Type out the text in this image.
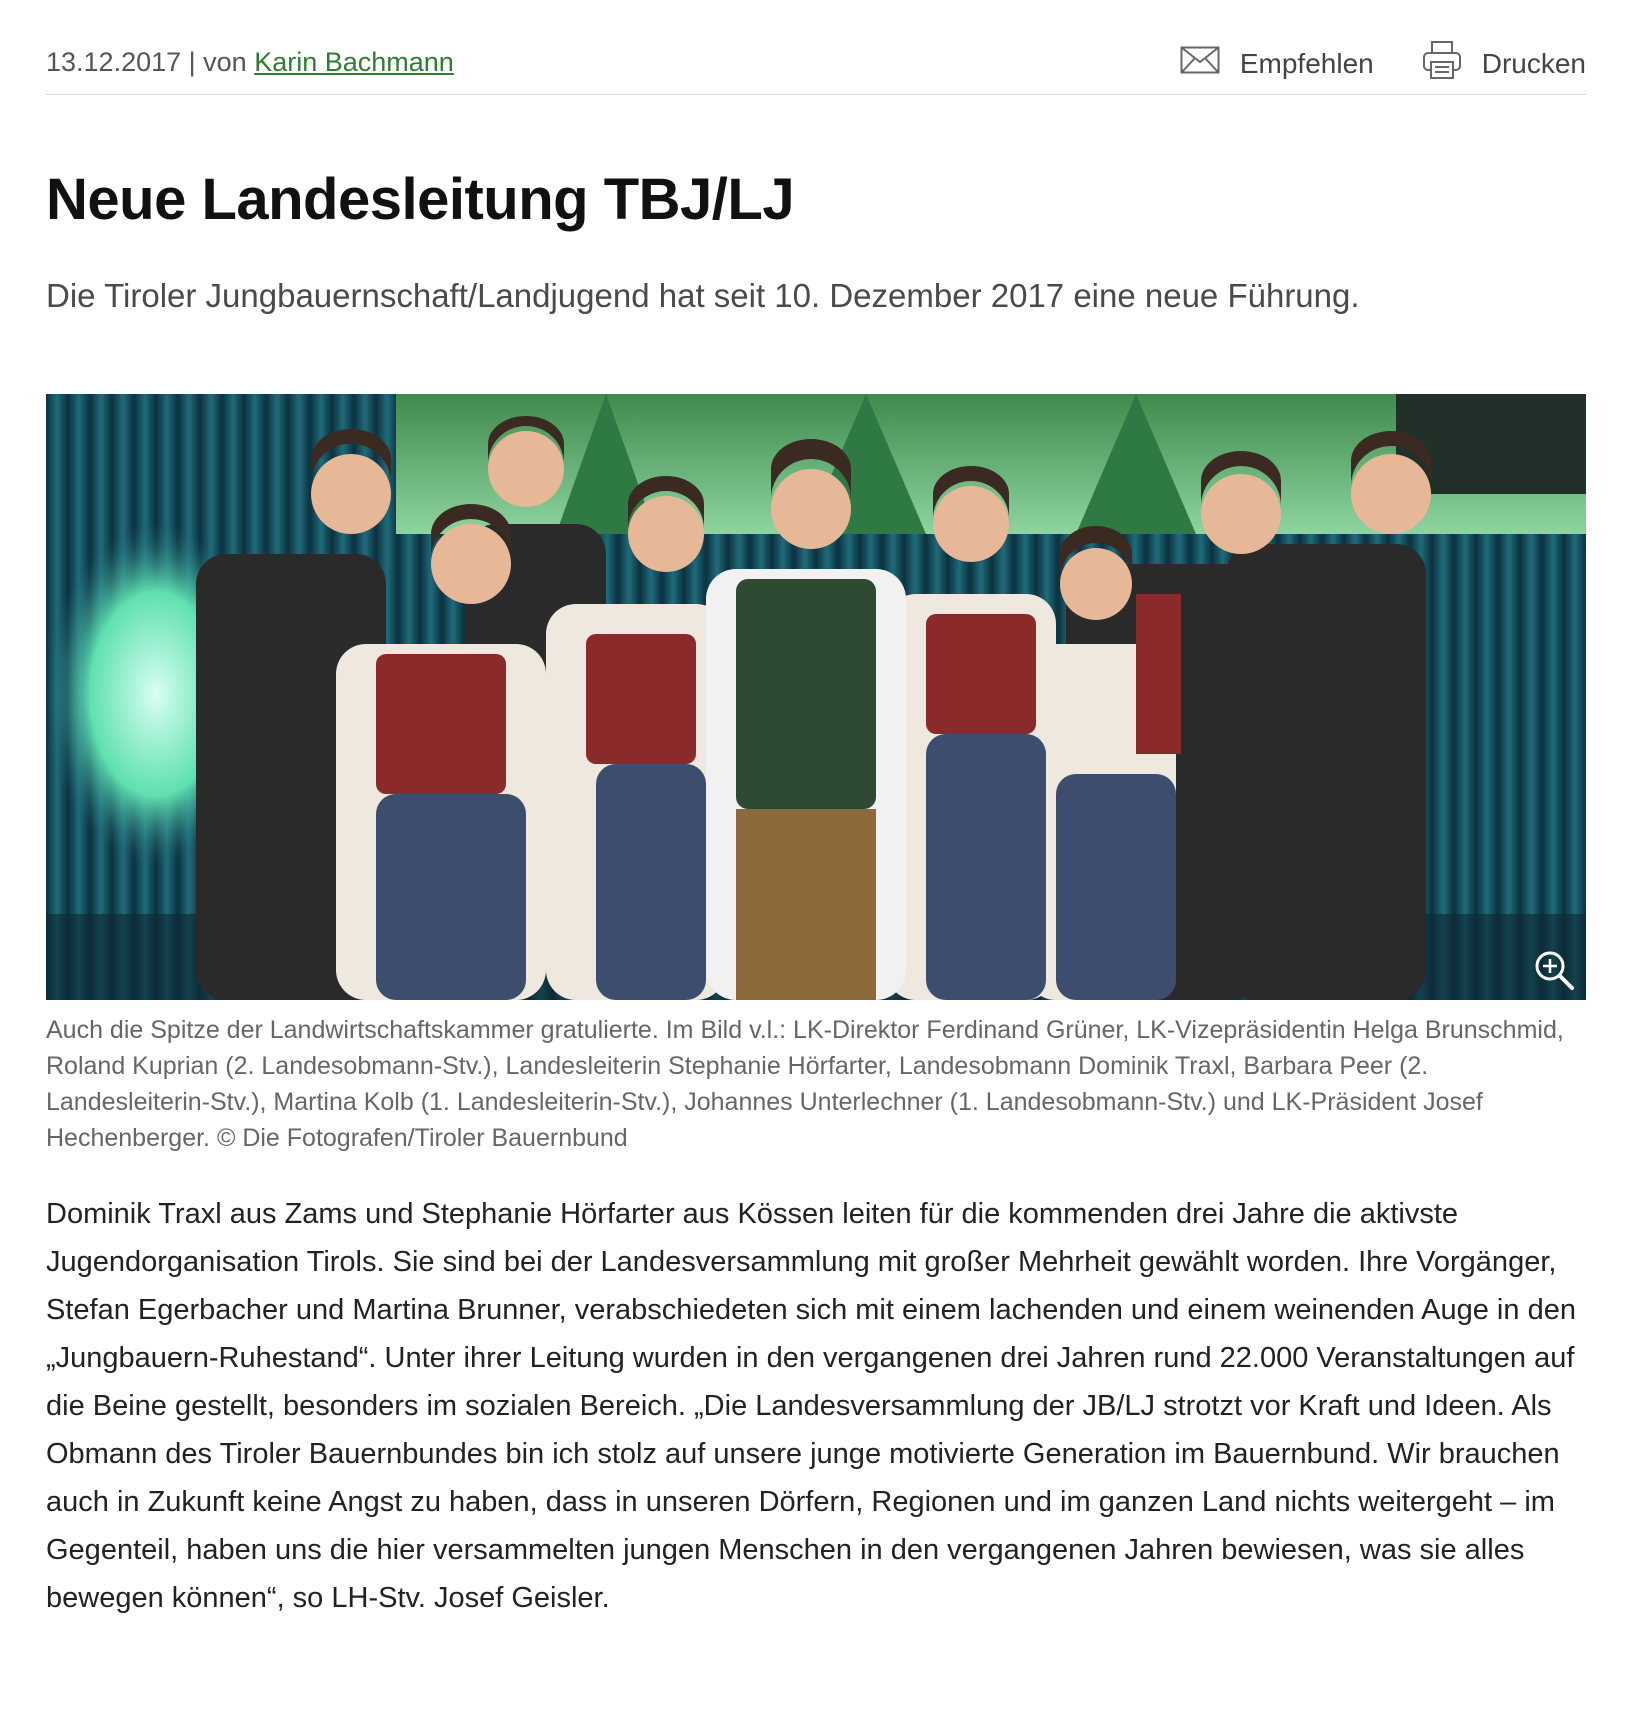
13.12.2017 | von Karin Bachmann	Empfehlen	Drucken
Neue Landesleitung TBJ/LJ
Die Tiroler Jungbauernschaft/Landjugend hat seit 10. Dezember 2017 eine neue Führung.
Auch die Spitze der Landwirtschaftskammer gratulierte. Im Bild v.l.: LK-Direktor Ferdinand Grüner, LK-Vizepräsidentin Helga Brunschmid, Roland Kuprian (2. Landesobmann-Stv.), Landesleiterin Stephanie Hörfarter, Landesobmann Dominik Traxl, Barbara Peer (2. Landesleiterin-Stv.), Martina Kolb (1. Landesleiterin-Stv.), Johannes Unterlechner (1. Landesobmann-Stv.) und LK-Präsident Josef Hechenberger. © Die Fotografen/Tiroler Bauernbund

Dominik Traxl aus Zams und Stephanie Hörfarter aus Kössen leiten für die kommenden drei Jahre die aktivste Jugendorganisation Tirols. Sie sind bei der Landesversammlung mit großer Mehrheit gewählt worden. Ihre Vorgänger, Stefan Egerbacher und Martina Brunner, verabschiedeten sich mit einem lachenden und einem weinenden Auge in den „Jungbauern-Ruhestand“. Unter ihrer Leitung wurden in den vergangenen drei Jahren rund 22.000 Veranstaltungen auf die Beine gestellt, besonders im sozialen Bereich. „Die Landesversammlung der JB/LJ strotzt vor Kraft und Ideen. Als Obmann des Tiroler Bauernbundes bin ich stolz auf unsere junge motivierte Generation im Bauernbund. Wir brauchen auch in Zukunft keine Angst zu haben, dass in unseren Dörfern, Regionen und im ganzen Land nichts weitergeht – im Gegenteil, haben uns die hier versammelten jungen Menschen in den vergangenen Jahren bewiesen, was sie alles bewegen können“, so LH-Stv. Josef Geisler.
